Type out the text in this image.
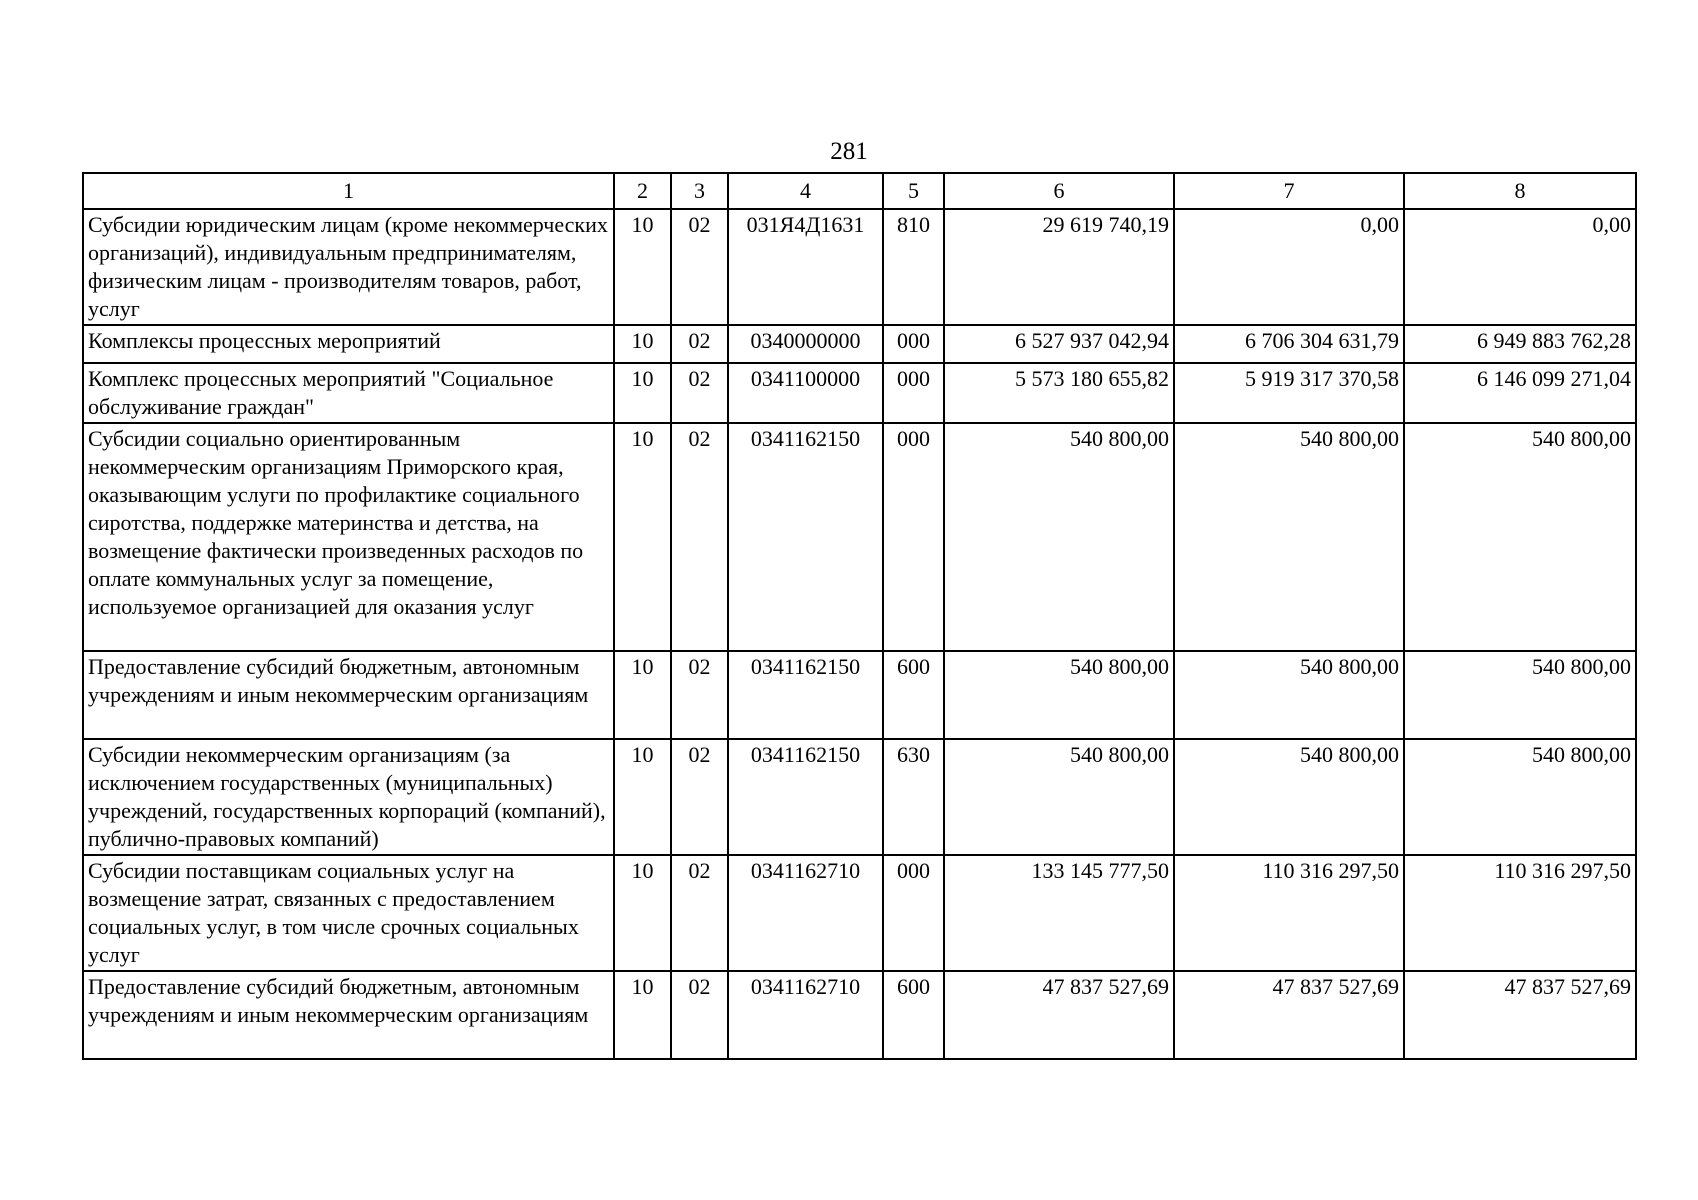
281
1	2	3	4	5	6	7	8
Субсидии юридическим лицам (кроме некоммерческих организаций), индивидуальным предпринимателям, физическим лицам - производителям товаров, работ, услуг	10	02	031Я4Д1631	810	29 619 740,19	0,00	0,00
Комплексы процессных мероприятий	10	02	0340000000	000	6 527 937 042,94	6 706 304 631,79	6 949 883 762,28
Комплекс процессных мероприятий "Социальное обслуживание граждан"	10	02	0341100000	000	5 573 180 655,82	5 919 317 370,58	6 146 099 271,04
Субсидии социально ориентированным некоммерческим организациям Приморского края, оказывающим услуги по профилактике социального сиротства, поддержке материнства и детства, на возмещение фактически произведенных расходов по оплате коммунальных услуг за помещение, используемое организацией для оказания услуг	10	02	0341162150	000	540 800,00	540 800,00	540 800,00
Предоставление субсидий бюджетным, автономным учреждениям и иным некоммерческим организациям	10	02	0341162150	600	540 800,00	540 800,00	540 800,00
Субсидии некоммерческим организациям (за исключением государственных (муниципальных) учреждений, государственных корпораций (компаний), публично-правовых компаний)	10	02	0341162150	630	540 800,00	540 800,00	540 800,00
Субсидии поставщикам социальных услуг на возмещение затрат, связанных с предоставлением социальных услуг, в том числе срочных социальных услуг	10	02	0341162710	000	133 145 777,50	110 316 297,50	110 316 297,50
Предоставление субсидий бюджетным, автономным учреждениям и иным некоммерческим организациям	10	02	0341162710	600	47 837 527,69	47 837 527,69	47 837 527,69
